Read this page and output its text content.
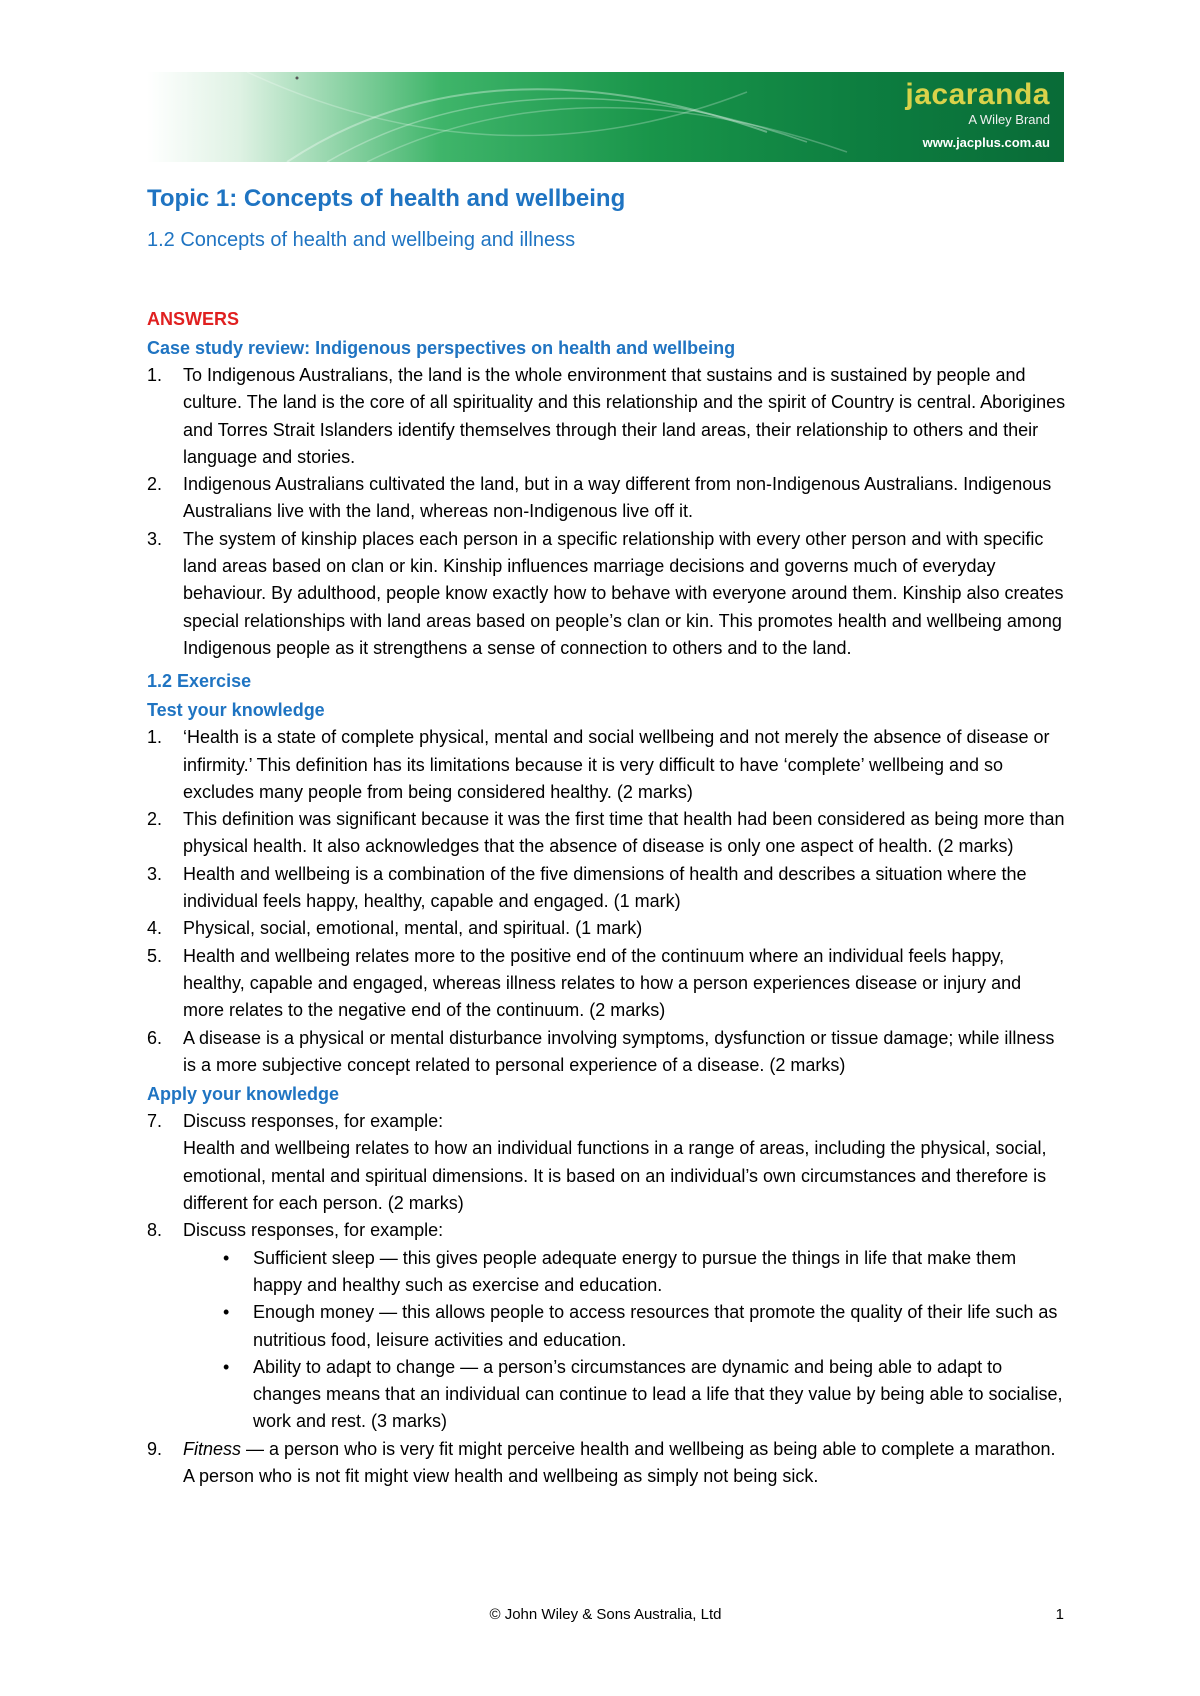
jacaranda
A Wiley Brand
www.jacplus.com.au
Topic 1: Concepts of health and wellbeing
1.2 Concepts of health and wellbeing and illness
ANSWERS
Case study review: Indigenous perspectives on health and wellbeing
1. To Indigenous Australians, the land is the whole environment that sustains and is sustained by people and culture. The land is the core of all spirituality and this relationship and the spirit of Country is central. Aborigines and Torres Strait Islanders identify themselves through their land areas, their relationship to others and their language and stories.
2. Indigenous Australians cultivated the land, but in a way different from non-Indigenous Australians. Indigenous Australians live with the land, whereas non-Indigenous live off it.
3. The system of kinship places each person in a specific relationship with every other person and with specific land areas based on clan or kin. Kinship influences marriage decisions and governs much of everyday behaviour. By adulthood, people know exactly how to behave with everyone around them. Kinship also creates special relationships with land areas based on people’s clan or kin. This promotes health and wellbeing among Indigenous people as it strengthens a sense of connection to others and to the land.
1.2 Exercise
Test your knowledge
1. ‘Health is a state of complete physical, mental and social wellbeing and not merely the absence of disease or infirmity.’ This definition has its limitations because it is very difficult to have ‘complete’ wellbeing and so excludes many people from being considered healthy. (2 marks)
2. This definition was significant because it was the first time that health had been considered as being more than physical health. It also acknowledges that the absence of disease is only one aspect of health. (2 marks)
3. Health and wellbeing is a combination of the five dimensions of health and describes a situation where the individual feels happy, healthy, capable and engaged. (1 mark)
4. Physical, social, emotional, mental, and spiritual. (1 mark)
5. Health and wellbeing relates more to the positive end of the continuum where an individual feels happy, healthy, capable and engaged, whereas illness relates to how a person experiences disease or injury and more relates to the negative end of the continuum. (2 marks)
6. A disease is a physical or mental disturbance involving symptoms, dysfunction or tissue damage; while illness is a more subjective concept related to personal experience of a disease. (2 marks)
Apply your knowledge
7. Discuss responses, for example:
Health and wellbeing relates to how an individual functions in a range of areas, including the physical, social, emotional, mental and spiritual dimensions. It is based on an individual’s own circumstances and therefore is different for each person. (2 marks)
8. Discuss responses, for example:
• Sufficient sleep — this gives people adequate energy to pursue the things in life that make them happy and healthy such as exercise and education.
• Enough money — this allows people to access resources that promote the quality of their life such as nutritious food, leisure activities and education.
• Ability to adapt to change — a person’s circumstances are dynamic and being able to adapt to changes means that an individual can continue to lead a life that they value by being able to socialise, work and rest. (3 marks)
9. Fitness — a person who is very fit might perceive health and wellbeing as being able to complete a marathon. A person who is not fit might view health and wellbeing as simply not being sick.
© John Wiley & Sons Australia, Ltd	1
